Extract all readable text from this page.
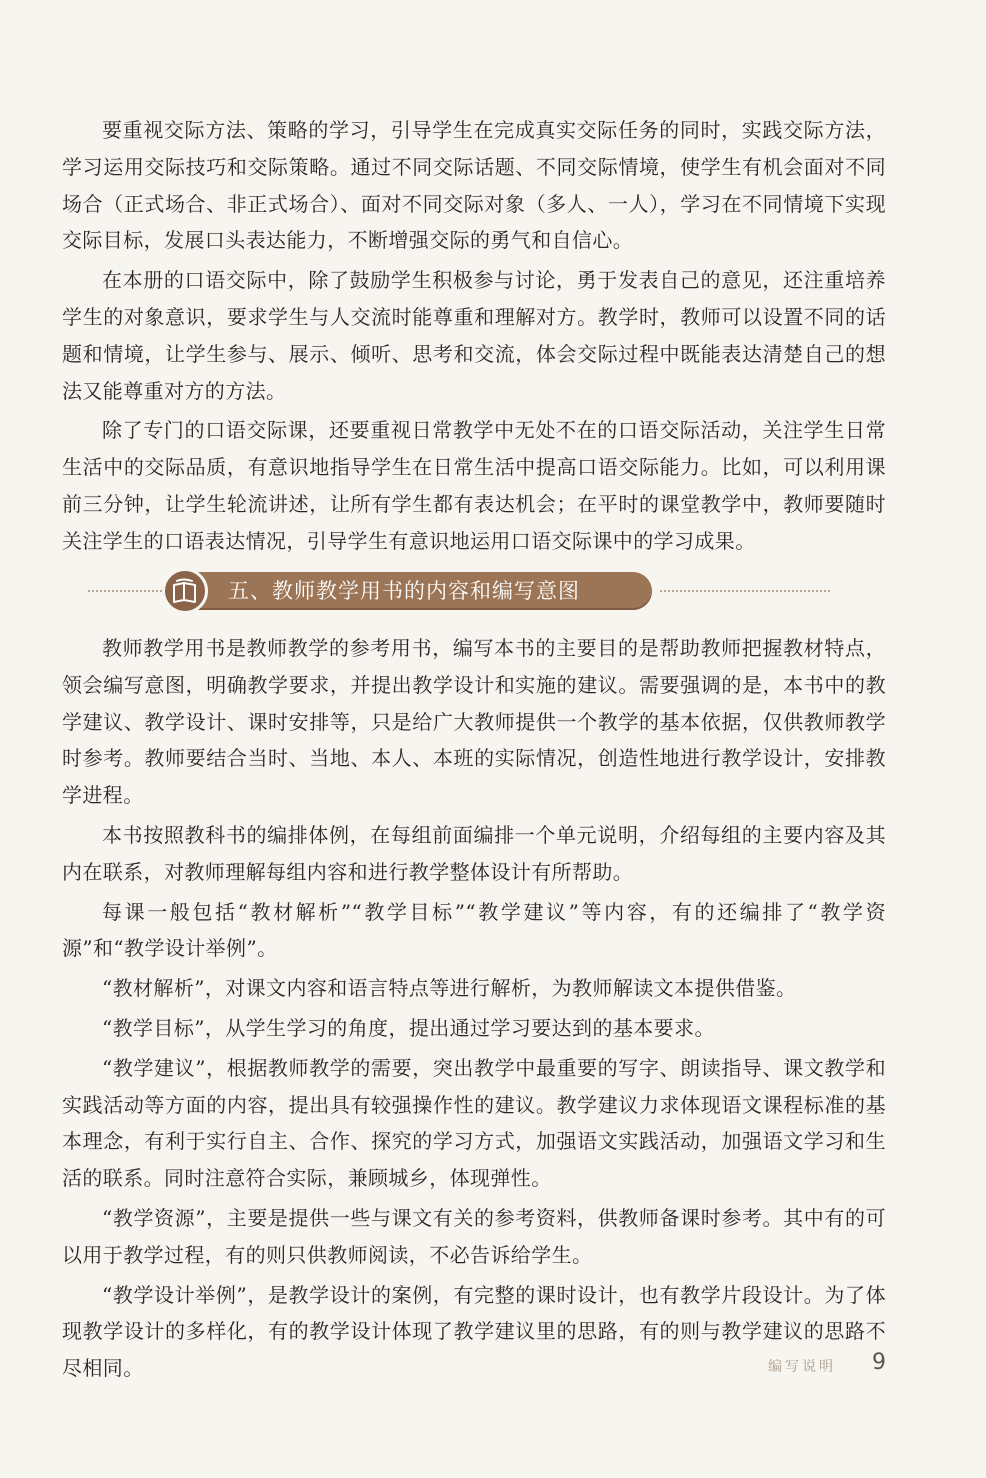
要重视交际方法、策略的学习，引导学生在完成真实交际任务的同时，实践交际方法，学习运用交际技巧和交际策略。通过不同交际话题、不同交际情境，使学生有机会面对不同场合（正式场合、非正式场合）、面对不同交际对象（多人、一人），学习在不同情境下实现交际目标，发展口头表达能力，不断增强交际的勇气和自信心。

在本册的口语交际中，除了鼓励学生积极参与讨论，勇于发表自己的意见，还注重培养学生的对象意识，要求学生与人交流时能尊重和理解对方。教学时，教师可以设置不同的话题和情境，让学生参与、展示、倾听、思考和交流，体会交际过程中既能表达清楚自己的想法又能尊重对方的方法。

除了专门的口语交际课，还要重视日常教学中无处不在的口语交际活动，关注学生日常生活中的交际品质，有意识地指导学生在日常生活中提高口语交际能力。比如，可以利用课前三分钟，让学生轮流讲述，让所有学生都有表达机会；在平时的课堂教学中，教师要随时关注学生的口语表达情况，引导学生有意识地运用口语交际课中的学习成果。

五、教师教学用书的内容和编写意图

教师教学用书是教师教学的参考用书，编写本书的主要目的是帮助教师把握教材特点，领会编写意图，明确教学要求，并提出教学设计和实施的建议。需要强调的是，本书中的教学建议、教学设计、课时安排等，只是给广大教师提供一个教学的基本依据，仅供教师教学时参考。教师要结合当时、当地、本人、本班的实际情况，创造性地进行教学设计，安排教学进程。

本书按照教科书的编排体例，在每组前面编排一个单元说明，介绍每组的主要内容及其内在联系，对教师理解每组内容和进行教学整体设计有所帮助。

每课一般包括“教材解析”“教学目标”“教学建议”等内容，有的还编排了“教学资源”和“教学设计举例”。

“教材解析”，对课文内容和语言特点等进行解析，为教师解读文本提供借鉴。

“教学目标”，从学生学习的角度，提出通过学习要达到的基本要求。

“教学建议”，根据教师教学的需要，突出教学中最重要的写字、朗读指导、课文教学和实践活动等方面的内容，提出具有较强操作性的建议。教学建议力求体现语文课程标准的基本理念，有利于实行自主、合作、探究的学习方式，加强语文实践活动，加强语文学习和生活的联系。同时注意符合实际，兼顾城乡，体现弹性。

“教学资源”，主要是提供一些与课文有关的参考资料，供教师备课时参考。其中有的可以用于教学过程，有的则只供教师阅读，不必告诉给学生。

“教学设计举例”，是教学设计的案例，有完整的课时设计，也有教学片段设计。为了体现教学设计的多样化，有的教学设计体现了教学建议里的思路，有的则与教学建议的思路不尽相同。	编写说明 9
